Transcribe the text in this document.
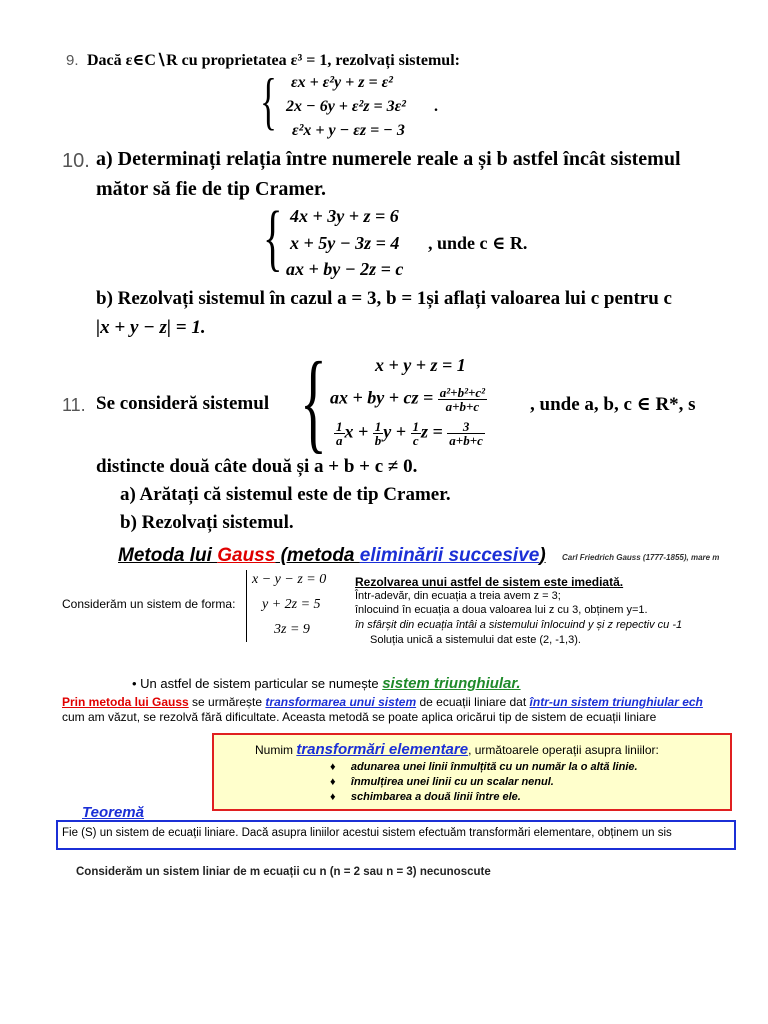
9. Dacă ε∈C∖R cu proprietatea ε³ = 1, rezolvați sistemul:
{ εx + ε²y + z = ε²
2x − 6y + ε²z = 3ε²
ε²x + y − εz = − 3
.
10. a) Determinați relația între numerele reale a și b astfel încât sistemul
mător să fie de tip Cramer.
{ 4x + 3y + z = 6
x + 5y − 3z = 4
ax + by − 2z = c
, unde c ∈ R.
b) Rezolvați sistemul în cazul a = 3, b = 1și aflați valoarea lui c pentru c
|x + y − z| = 1.
11. Se consideră sistemul {	x + y + z = 1
ax + by + cz = $\frac{\text{a²+b²+c²}}{a+b+c}$
$\frac{1}{a}$ $x + \frac{1}{b}$ $y + \frac{1}{c}$ $z = \frac{3}{a+b+c}$
, unde a, b, c ∈ R*, s
distincte două câte două și a + b + c ≠ 0.
a) Arătați că sistemul este de tip Cramer.
b) Rezolvați sistemul.
Metoda lui Gauss (metoda eliminării succesive) Carl Friedrich Gauss (1777-1855), mare m
Considerăm un sistem de forma:
x − y − z = 0
y + 2z = 5
3z = 9
Rezolvarea unui astfel de sistem este imediată.
Într-adevăr, din ecuația a treia avem z = 3;
înlocuind în ecuația a doua valoarea lui z cu 3, obținem y=1.
în sfârșit din ecuația întâi a sistemului înlocuind y și z repectiv cu -1
Soluția unică a sistemului dat este (2, -1,3).
• Un astfel de sistem particular se numește sistem triunghiular.
Prin metoda lui Gauss se urmărește transformarea unui sistem de ecuații liniare dat într-un sistem triunghiular ech
cum am văzut, se rezolvă fără dificultate. Aceasta metodă se poate aplica oricărui tip de sistem de ecuații liniare
Numim transformări elementare, următoarele operații asupra liniilor:
♦ adunarea unei linii înmulțită cu un număr la o altă linie.
♦ înmulțirea unei linii cu un scalar nenul.
♦ schimbarea a două linii între ele.
Teoremă
Fie (S) un sistem de ecuații liniare. Dacă asupra liniilor acestui sistem efectuăm transformări elementare, obținem un sis
Considerăm un sistem liniar de m ecuații cu n (n = 2 sau n = 3) necunoscute
